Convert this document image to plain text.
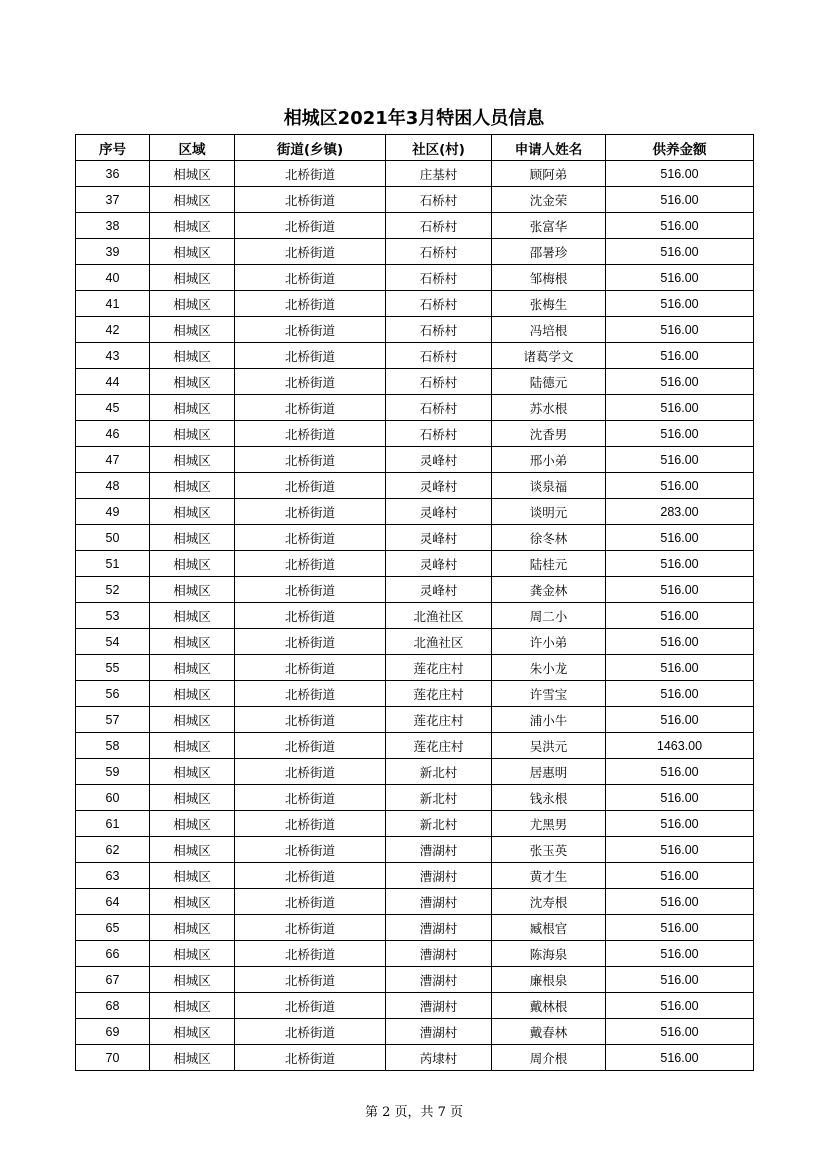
相城区2021年3月特困人员信息
序号	区域	街道(乡镇)	社区(村)	申请人姓名	供养金额
36	相城区	北桥街道	庄基村	顾阿弟	516.00
37	相城区	北桥街道	石桥村	沈金荣	516.00
38	相城区	北桥街道	石桥村	张富华	516.00
39	相城区	北桥街道	石桥村	邵暑珍	516.00
40	相城区	北桥街道	石桥村	邹梅根	516.00
41	相城区	北桥街道	石桥村	张梅生	516.00
42	相城区	北桥街道	石桥村	冯培根	516.00
43	相城区	北桥街道	石桥村	诸葛学文	516.00
44	相城区	北桥街道	石桥村	陆德元	516.00
45	相城区	北桥街道	石桥村	苏水根	516.00
46	相城区	北桥街道	石桥村	沈香男	516.00
47	相城区	北桥街道	灵峰村	邢小弟	516.00
48	相城区	北桥街道	灵峰村	谈泉福	516.00
49	相城区	北桥街道	灵峰村	谈明元	283.00
50	相城区	北桥街道	灵峰村	徐冬林	516.00
51	相城区	北桥街道	灵峰村	陆桂元	516.00
52	相城区	北桥街道	灵峰村	龚金林	516.00
53	相城区	北桥街道	北渔社区	周二小	516.00
54	相城区	北桥街道	北渔社区	许小弟	516.00
55	相城区	北桥街道	莲花庄村	朱小龙	516.00
56	相城区	北桥街道	莲花庄村	许雪宝	516.00
57	相城区	北桥街道	莲花庄村	浦小牛	516.00
58	相城区	北桥街道	莲花庄村	吴洪元	1463.00
59	相城区	北桥街道	新北村	居惠明	516.00
60	相城区	北桥街道	新北村	钱永根	516.00
61	相城区	北桥街道	新北村	尤黑男	516.00
62	相城区	北桥街道	漕湖村	张玉英	516.00
63	相城区	北桥街道	漕湖村	黄才生	516.00
64	相城区	北桥街道	漕湖村	沈寿根	516.00
65	相城区	北桥街道	漕湖村	臧根官	516.00
66	相城区	北桥街道	漕湖村	陈海泉	516.00
67	相城区	北桥街道	漕湖村	廉根泉	516.00
68	相城区	北桥街道	漕湖村	戴林根	516.00
69	相城区	北桥街道	漕湖村	戴春林	516.00
70	相城区	北桥街道	芮埭村	周介根	516.00
第 2 页，共 7 页
